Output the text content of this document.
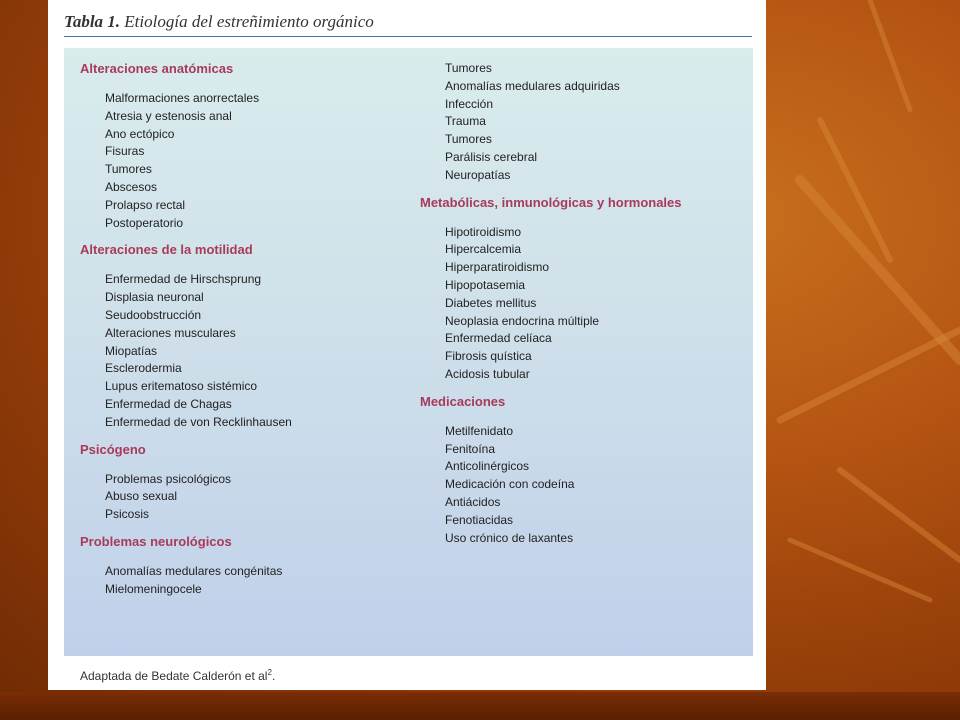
Tabla 1. Etiología del estreñimiento orgánico
Alteraciones anatómicas
Malformaciones anorrectales
Atresia y estenosis anal
Ano ectópico
Fisuras
Tumores
Abscesos
Prolapso rectal
Postoperatorio
Alteraciones de la motilidad
Enfermedad de Hirschsprung
Displasia neuronal
Seudoobstrucción
Alteraciones musculares
Miopatías
Esclerodermia
Lupus eritematoso sistémico
Enfermedad de Chagas
Enfermedad de von Recklinhausen
Psicógeno
Problemas psicológicos
Abuso sexual
Psicosis
Problemas neurológicos
Anomalías medulares congénitas
Mielomeningocele
Tumores
Anomalías medulares adquiridas
Infección
Trauma
Tumores
Parálisis cerebral
Neuropatías
Metabólicas, inmunológicas y hormonales
Hipotiroidismo
Hipercalcemia
Hiperparatiroidismo
Hipopotasemia
Diabetes mellitus
Neoplasia endocrina múltiple
Enfermedad celíaca
Fibrosis quística
Acidosis tubular
Medicaciones
Metilfenidato
Fenitoína
Anticolinérgicos
Medicación con codeína
Antiácidos
Fenotiacidas
Uso crónico de laxantes
Adaptada de Bedate Calderón et $al^2$.
